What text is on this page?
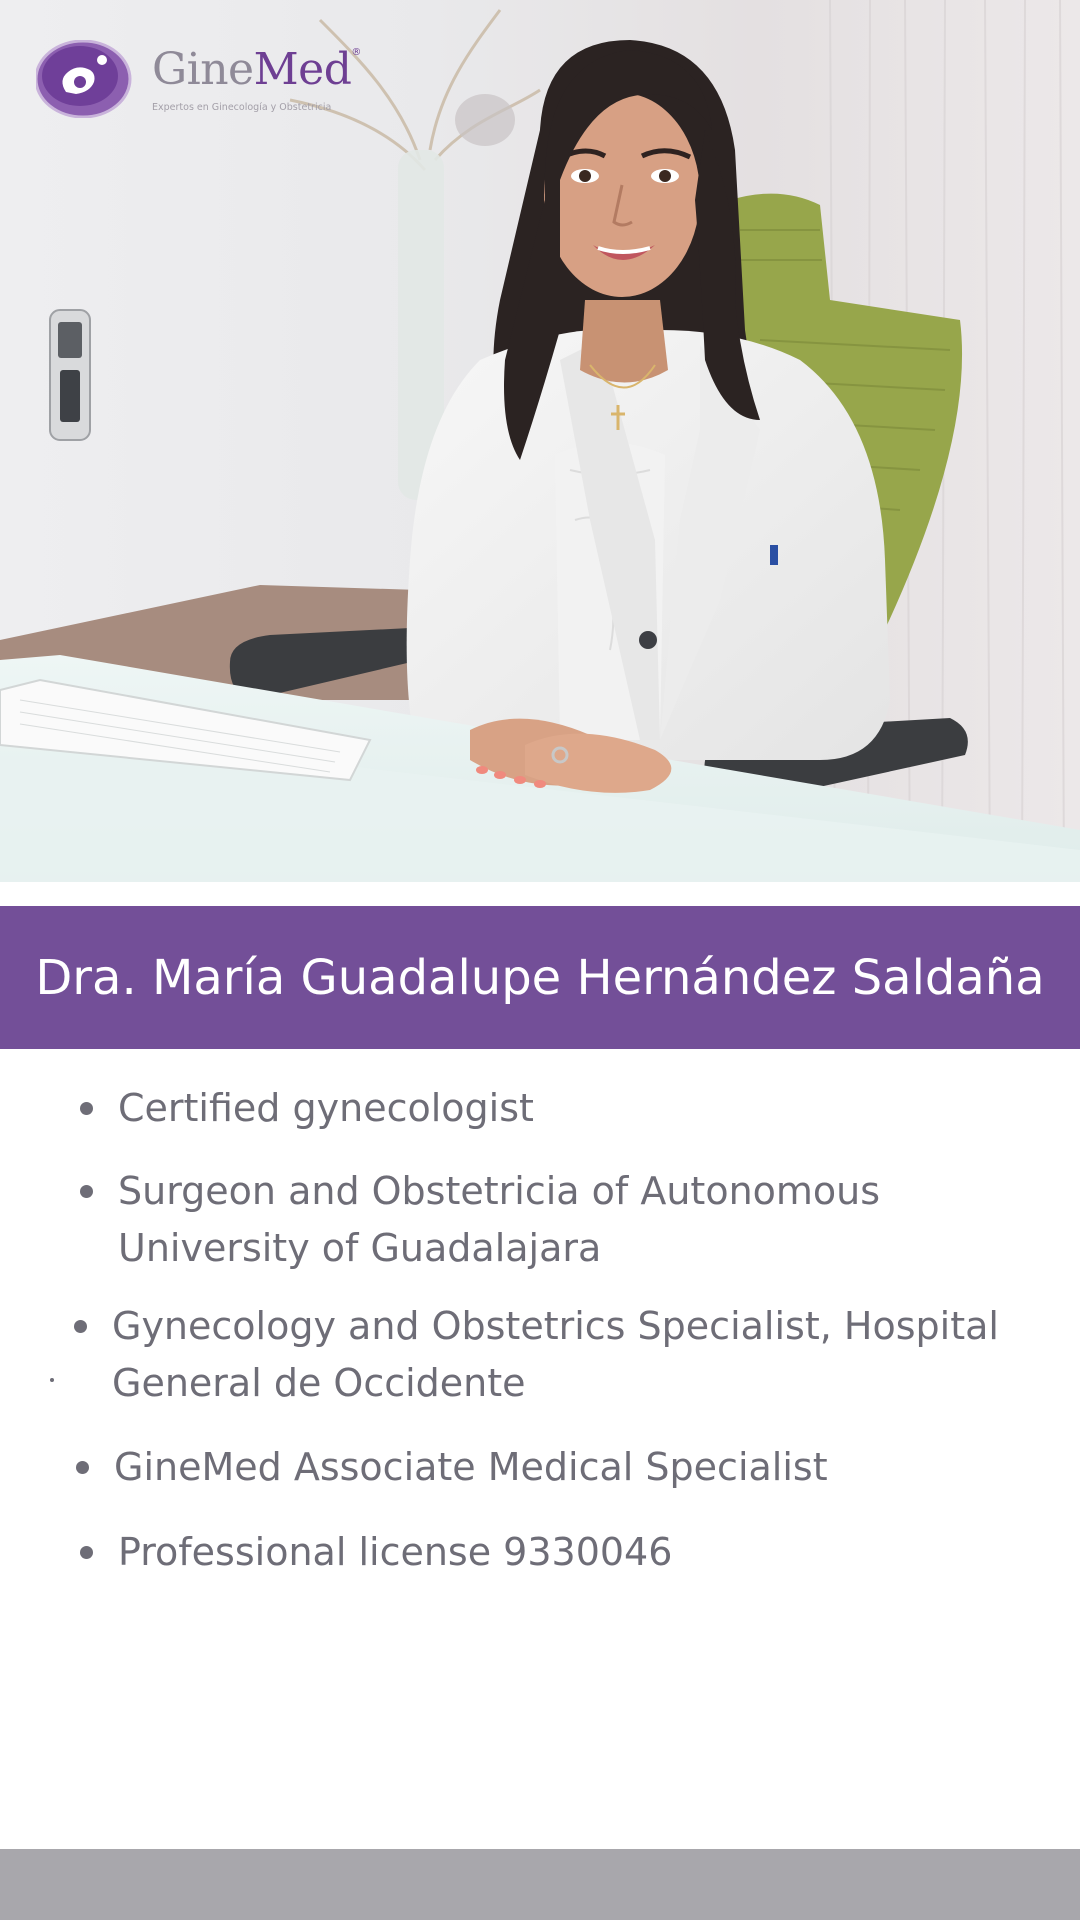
GineMed®
Expertos en Ginecología y Obstetricia
Dra. María Guadalupe Hernández Saldaña
Certified gynecologist
Surgeon and Obstetricia of Autonomous
University of Guadalajara
Gynecology and Obstetrics Specialist, Hospital
General de Occidente
GineMed Associate Medical Specialist
Professional license 9330046
